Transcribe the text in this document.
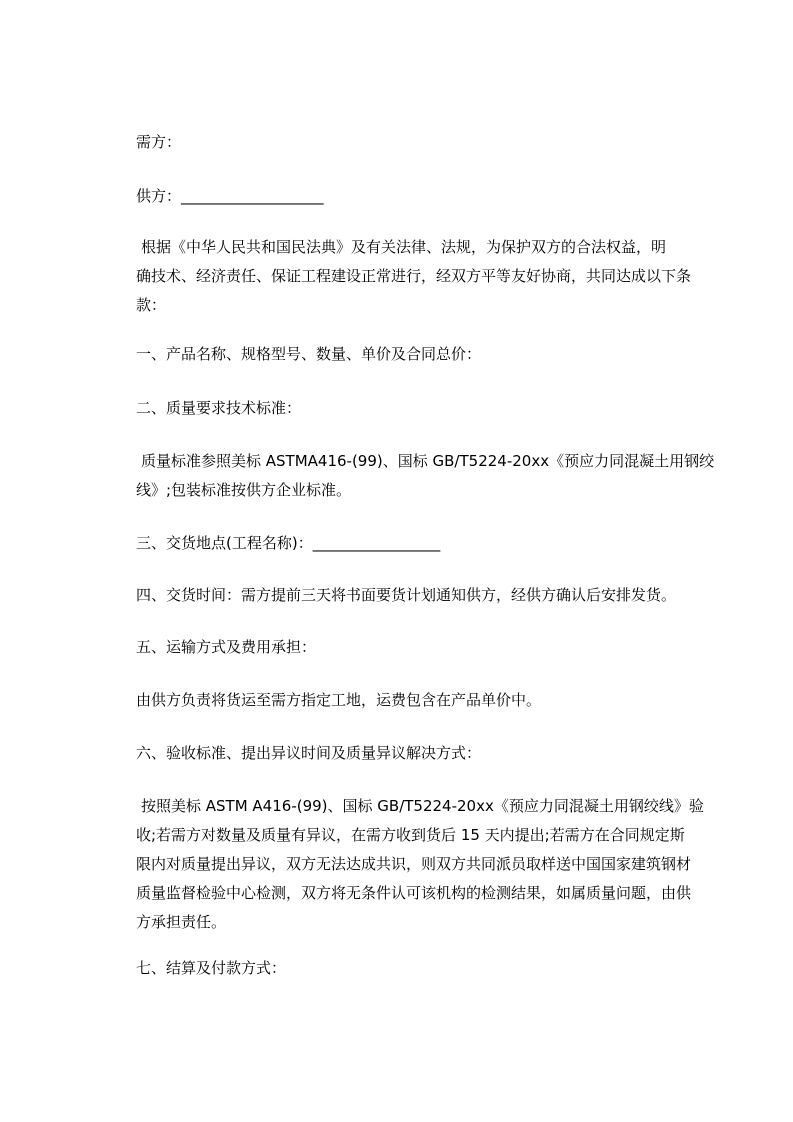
需方：
供方：___________________
根据《中华人民共和国民法典》及有关法律、法规，为保护双方的合法权益，明
确技术、经济责任、保证工程建设正常进行，经双方平等友好协商，共同达成以下条
款：
一、产品名称、规格型号、数量、单价及合同总价：
二、质量要求技术标准：
质量标准参照美标 ASTMA416-(99)、国标 GB/T5224-20xx《预应力同混凝土用钢绞
线》;包装标准按供方企业标准。
三、交货地点(工程名称)：_________________
四、交货时间：需方提前三天将书面要货计划通知供方，经供方确认后安排发货。
五、运输方式及费用承担：
由供方负责将货运至需方指定工地，运费包含在产品单价中。
六、验收标准、提出异议时间及质量异议解决方式：
按照美标 ASTM A416-(99)、国标 GB/T5224-20xx《预应力同混凝土用钢绞线》验
收;若需方对数量及质量有异议，在需方收到货后 15 天内提出;若需方在合同规定斯
限内对质量提出异议，双方无法达成共识，则双方共同派员取样送中国国家建筑钢材
质量监督检验中心检测，双方将无条件认可该机构的检测结果，如属质量问题，由供
方承担责任。
七、结算及付款方式：
